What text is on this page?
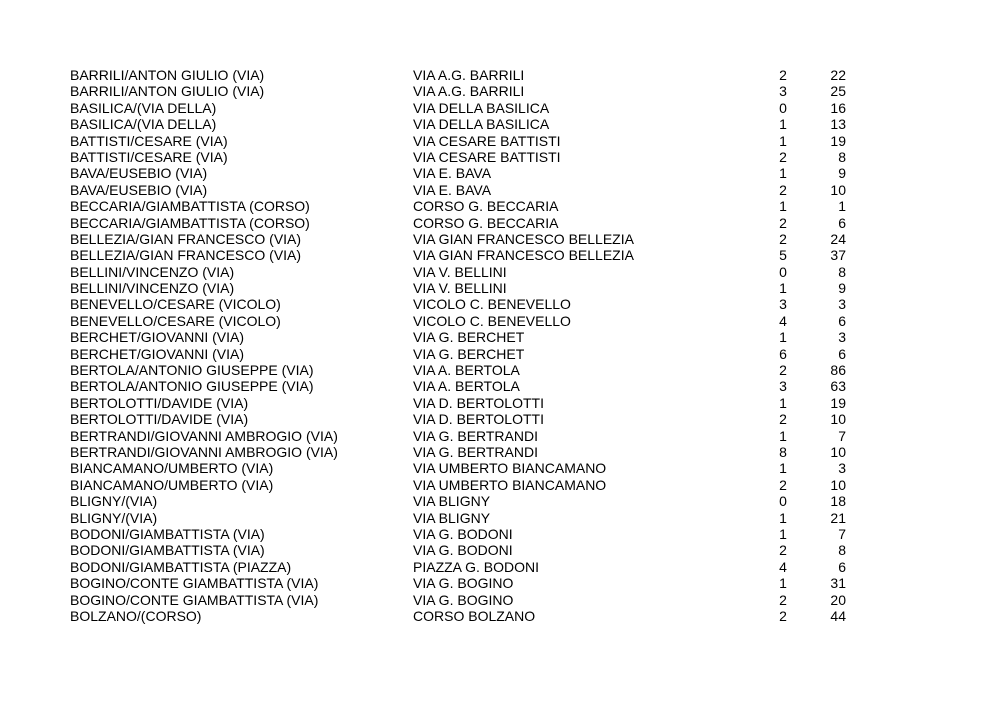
BARRILI/ANTON GIULIO (VIA)	VIA A.G. BARRILI	2	22
BARRILI/ANTON GIULIO (VIA)	VIA A.G. BARRILI	3	25
BASILICA/(VIA DELLA)	VIA DELLA BASILICA	0	16
BASILICA/(VIA DELLA)	VIA DELLA BASILICA	1	13
BATTISTI/CESARE (VIA)	VIA CESARE BATTISTI	1	19
BATTISTI/CESARE (VIA)	VIA CESARE BATTISTI	2	8
BAVA/EUSEBIO (VIA)	VIA E. BAVA	1	9
BAVA/EUSEBIO (VIA)	VIA E. BAVA	2	10
BECCARIA/GIAMBATTISTA (CORSO)	CORSO G. BECCARIA	1	1
BECCARIA/GIAMBATTISTA (CORSO)	CORSO G. BECCARIA	2	6
BELLEZIA/GIAN FRANCESCO (VIA)	VIA GIAN FRANCESCO BELLEZIA	2	24
BELLEZIA/GIAN FRANCESCO (VIA)	VIA GIAN FRANCESCO BELLEZIA	5	37
BELLINI/VINCENZO (VIA)	VIA V. BELLINI	0	8
BELLINI/VINCENZO (VIA)	VIA V. BELLINI	1	9
BENEVELLO/CESARE (VICOLO)	VICOLO C. BENEVELLO	3	3
BENEVELLO/CESARE (VICOLO)	VICOLO C. BENEVELLO	4	6
BERCHET/GIOVANNI (VIA)	VIA G. BERCHET	1	3
BERCHET/GIOVANNI (VIA)	VIA G. BERCHET	6	6
BERTOLA/ANTONIO GIUSEPPE (VIA)	VIA A. BERTOLA	2	86
BERTOLA/ANTONIO GIUSEPPE (VIA)	VIA A. BERTOLA	3	63
BERTOLOTTI/DAVIDE (VIA)	VIA D. BERTOLOTTI	1	19
BERTOLOTTI/DAVIDE (VIA)	VIA D. BERTOLOTTI	2	10
BERTRANDI/GIOVANNI AMBROGIO (VIA)	VIA G. BERTRANDI	1	7
BERTRANDI/GIOVANNI AMBROGIO (VIA)	VIA G. BERTRANDI	8	10
BIANCAMANO/UMBERTO (VIA)	VIA UMBERTO BIANCAMANO	1	3
BIANCAMANO/UMBERTO (VIA)	VIA UMBERTO BIANCAMANO	2	10
BLIGNY/(VIA)	VIA BLIGNY	0	18
BLIGNY/(VIA)	VIA BLIGNY	1	21
BODONI/GIAMBATTISTA (VIA)	VIA G. BODONI	1	7
BODONI/GIAMBATTISTA (VIA)	VIA G. BODONI	2	8
BODONI/GIAMBATTISTA (PIAZZA)	PIAZZA G. BODONI	4	6
BOGINO/CONTE GIAMBATTISTA (VIA)	VIA G. BOGINO	1	31
BOGINO/CONTE GIAMBATTISTA (VIA)	VIA G. BOGINO	2	20
BOLZANO/(CORSO)	CORSO BOLZANO	2	44
